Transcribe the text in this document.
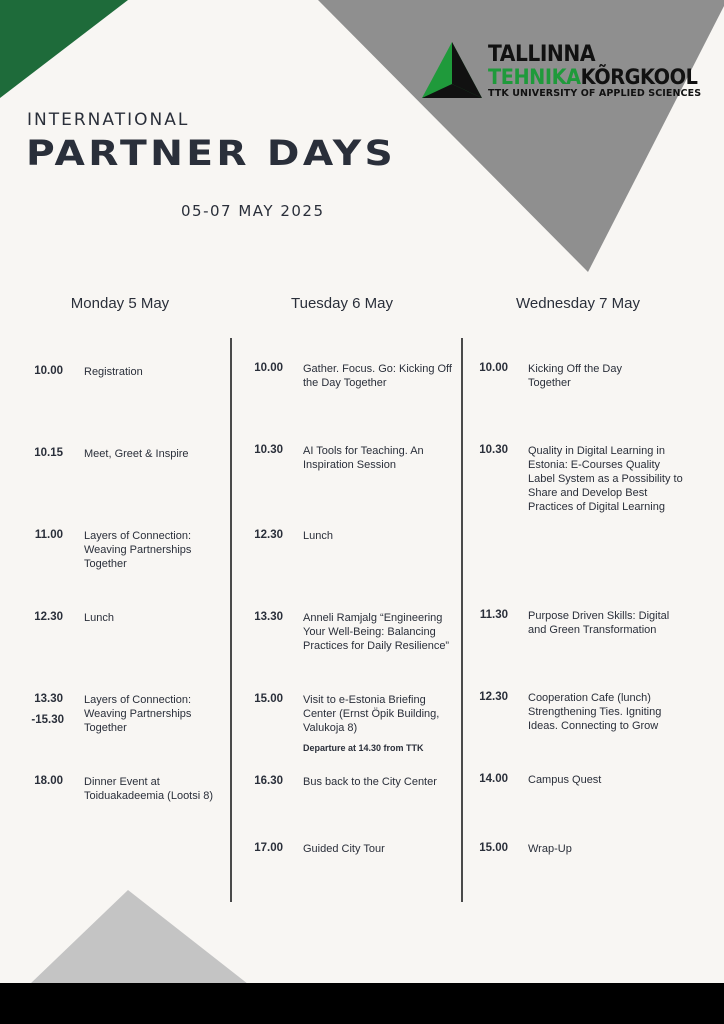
TALLINNA
TEHNIKAKÕRGKOOL
TTK UNIVERSITY OF APPLIED SCIENCES
INTERNATIONAL
PARTNER DAYS
05-07 MAY 2025
Monday 5 May	Tuesday 6 May	Wednesday 7 May
10.00 Registration
10.15 Meet, Greet & Inspire
11.00 Layers of Connection: Weaving Partnerships Together
12.30 Lunch
13.30
-15.30
Layers of Connection: Weaving Partnerships Together
18.00 Dinner Event at Toiduakadeemia (Lootsi 8)
10.00 Gather. Focus. Go: Kicking Off the Day Together
10.30 AI Tools for Teaching. An Inspiration Session
12.30 Lunch
13.30 Anneli Ramjalg “Engineering Your Well-Being: Balancing Practices for Daily Resilience”
15.00 Visit to e-Estonia Briefing Center (Ernst Öpik Building, Valukoja 8)
Departure at 14.30 from TTK
16.30 Bus back to the City Center
17.00 Guided City Tour
10.00 Kicking Off the Day Together
10.30 Quality in Digital Learning in Estonia: E-Courses Quality Label System as a Possibility to Share and Develop Best Practices of Digital Learning
11.30 Purpose Driven Skills: Digital and Green Transformation
12.30 Cooperation Cafe (lunch) Strengthening Ties. Igniting Ideas. Connecting to Grow
14.00 Campus Quest
15.00 Wrap-Up
